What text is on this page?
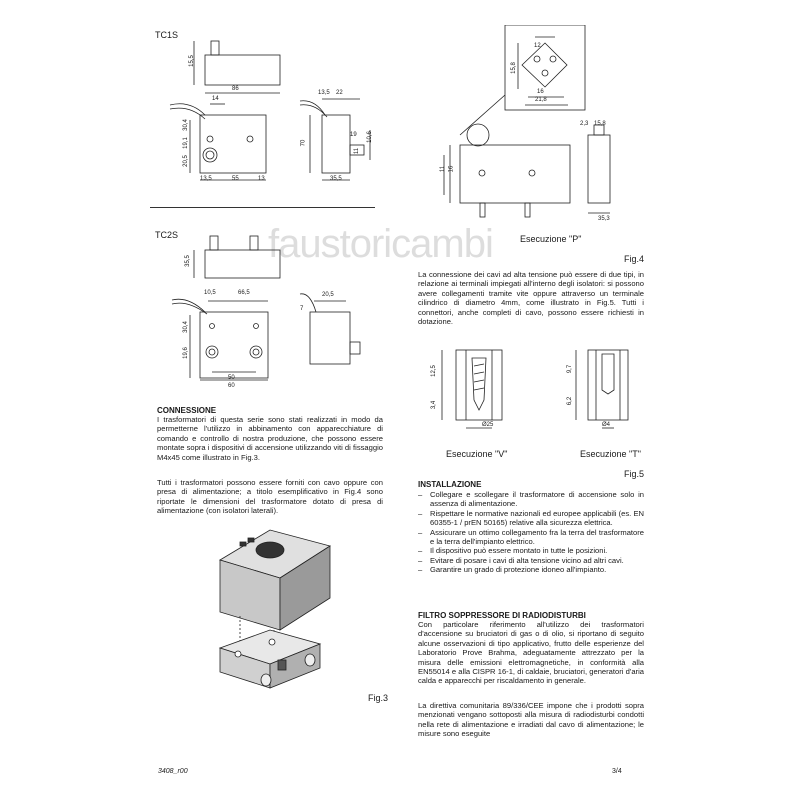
faustoricambi
TC1S
15,5
86
14
30,4
19,1
20,5
13,5	55	13
13,5 22
70
19
11
10,6
35,5
TC2S
35,5
10,5	66,5
30,4
19,6
50
60
20,5
7
12
15,8
16
21,8
11 16
2,3 15,8
35,3
Esecuzione "P"
Fig.4
La connessione dei cavi ad alta tensione può essere di due tipi, in relazione ai terminali impiegati all'interno degli isolatori: si possono avere collegamenti tramite vite oppure attraverso un terminale cilindrico di diametro 4mm, come illustrato in Fig.5. Tutti i connettori, anche completi di cavo, possono essere richiesti in dotazione.
12,5
3,4
Ø25
9,7
6,2
Ø4
Esecuzione "V"	Esecuzione "T"
Fig.5
CONNESSIONE
I trasformatori di questa serie sono stati realizzati in modo da permetterne l'utilizzo in abbinamento con apparecchiature di comando e controllo di nostra produzione, che possono essere montate sopra i dispositivi di accensione utilizzando viti di fissaggio M4x45 come illustrato in Fig.3.
Tutti i trasformatori possono essere forniti con cavo oppure con presa di alimentazione; a titolo esemplificativo in Fig.4 sono riportate le dimensioni del trasformatore dotato di presa di alimentazione (con isolatori laterali).
Fig.3
INSTALLAZIONE
– Collegare e scollegare il trasformatore di accensione solo in assenza di alimentazione.
– Rispettare le normative nazionali ed europee applicabili (es. EN 60355-1 / prEN 50165) relative alla sicurezza elettrica.
– Assicurare un ottimo collegamento fra la terra del trasformatore e la terra dell'impianto elettrico.
– Il dispositivo può essere montato in tutte le posizioni.
– Evitare di posare i cavi di alta tensione vicino ad altri cavi.
– Garantire un grado di protezione idoneo all'impianto.
FILTRO SOPPRESSORE DI RADIODISTURBI
Con particolare riferimento all'utilizzo dei trasformatori d'accensione su bruciatori di gas o di olio, si riportano di seguito alcune osservazioni di tipo applicativo, frutto delle esperienze del Laboratorio Prove Brahma, adeguatamente attrezzato per la misura delle emissioni elettromagnetiche, in conformità alla EN55014 e alla CISPR 16-1, di caldaie, bruciatori, generatori d'aria calda e apparecchi per riscaldamento in generale.
La direttiva comunitaria 89/336/CEE impone che i prodotti sopra menzionati vengano sottoposti alla misura di radiodisturbi condotti nella rete di alimentazione e irradiati dal cavo di alimentazione; le misure sono eseguite
3408_r00	3/4
